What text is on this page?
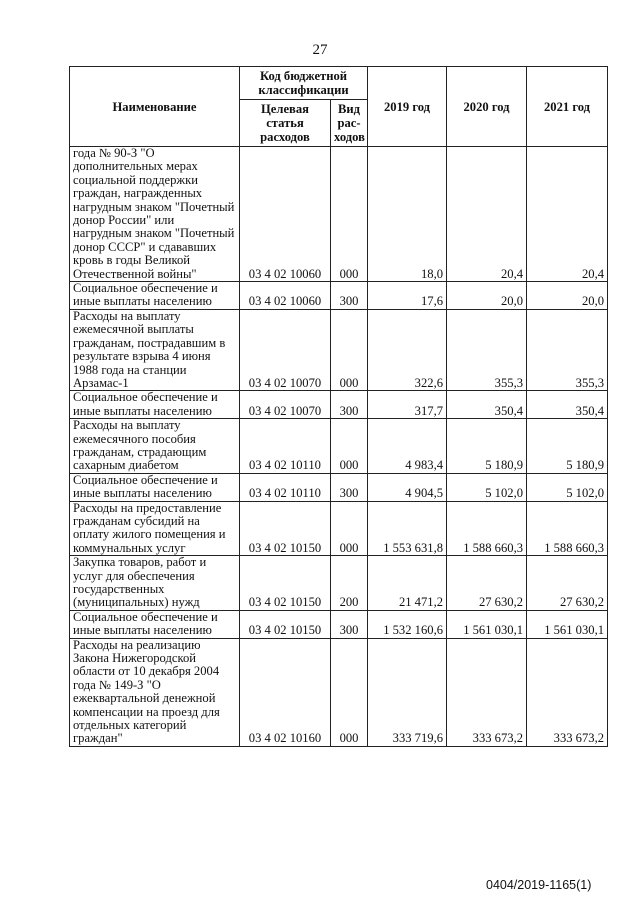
27
Наименование	Код бюджетной классификации		2019 год	2020 год	2021 год
	Целевая статья расходов	Вид рас-ходов			
года № 90-З "О дополнительных мерах социальной поддержки граждан, награжденных нагрудным знаком "Почетный донор России" или нагрудным знаком "Почетный донор СССР" и сдававших кровь в годы Великой Отечественной войны"	03 4 02 10060	000	18,0	20,4	20,4
Социальное обеспечение и иные выплаты населению	03 4 02 10060	300	17,6	20,0	20,0
Расходы на выплату ежемесячной выплаты гражданам, пострадавшим в результате взрыва 4 июня 1988 года на станции Арзамас-1	03 4 02 10070	000	322,6	355,3	355,3
Социальное обеспечение и иные выплаты населению	03 4 02 10070	300	317,7	350,4	350,4
Расходы на выплату ежемесячного пособия гражданам, страдающим сахарным диабетом	03 4 02 10110	000	4 983,4	5 180,9	5 180,9
Социальное обеспечение и иные выплаты населению	03 4 02 10110	300	4 904,5	5 102,0	5 102,0
Расходы на предоставление гражданам субсидий на оплату жилого помещения и коммунальных услуг	03 4 02 10150	000	1 553 631,8	1 588 660,3	1 588 660,3
Закупка товаров, работ и услуг для обеспечения государственных (муниципальных) нужд	03 4 02 10150	200	21 471,2	27 630,2	27 630,2
Социальное обеспечение и иные выплаты населению	03 4 02 10150	300	1 532 160,6	1 561 030,1	1 561 030,1
Расходы на реализацию Закона Нижегородской области от 10 декабря 2004 года № 149-З "О ежеквартальной денежной компенсации на проезд для отдельных категорий граждан"	03 4 02 10160	000	333 719,6	333 673,2	333 673,2
0404/2019-1165(1)
